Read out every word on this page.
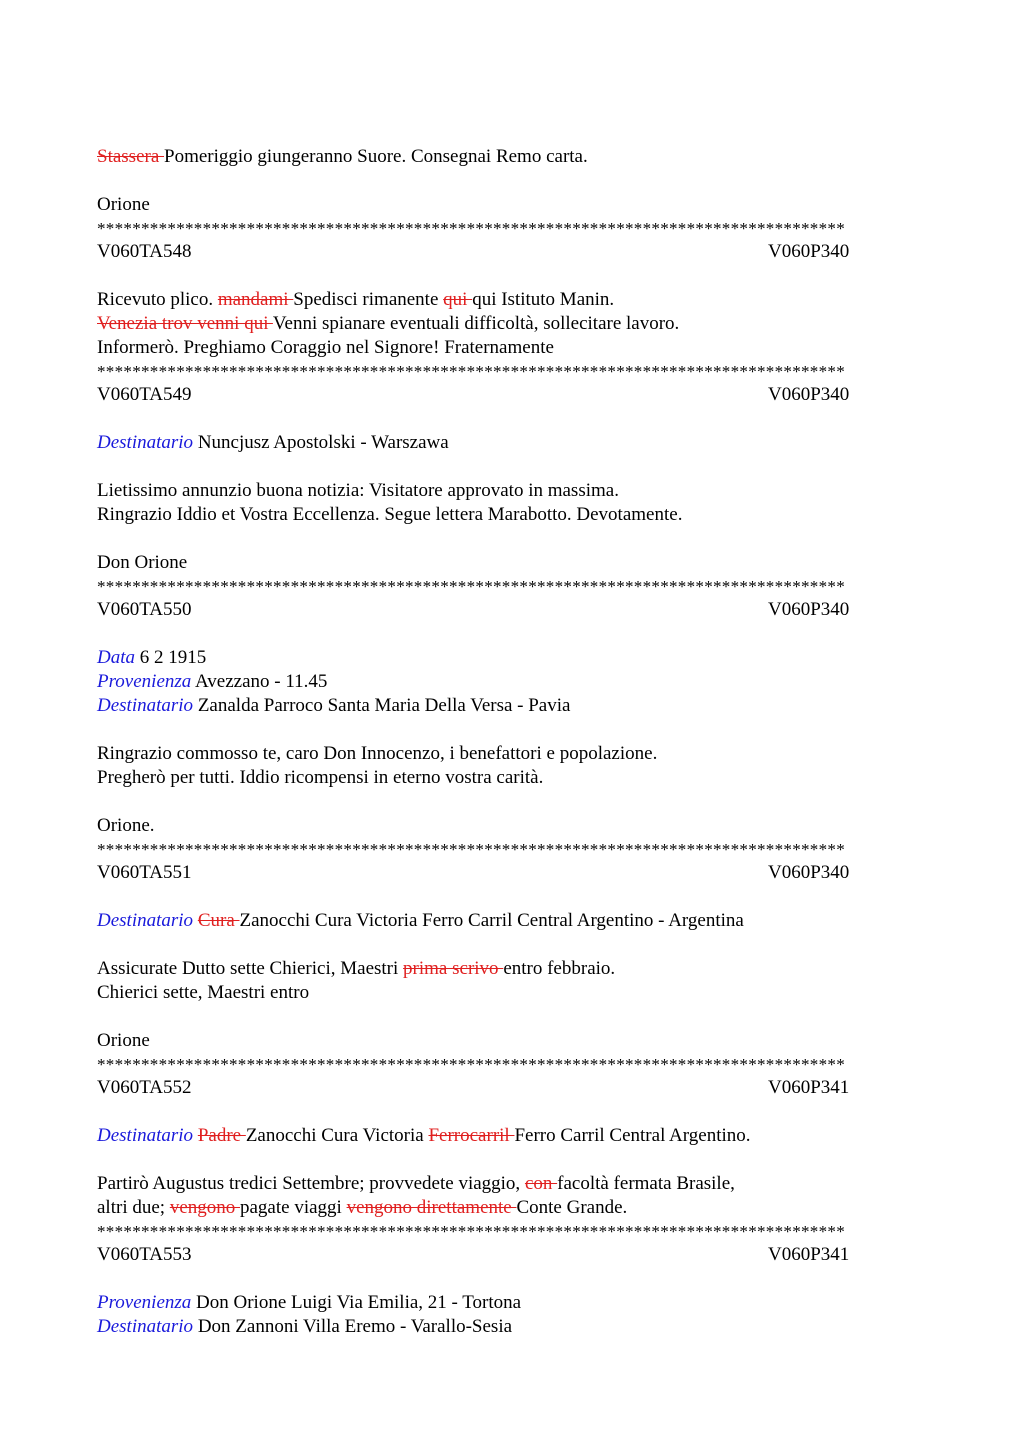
Stassera Pomeriggio giungeranno Suore. Consegnai Remo carta.
Orione
*************************************************************************************
V060TA548	V060P340
Ricevuto plico. mandami Spedisci rimanente qui qui Istituto Manin.
Venezia trov venni qui Venni spianare eventuali difficoltà, sollecitare lavoro.
Informerò. Preghiamo Coraggio nel Signore! Fraternamente
*************************************************************************************
V060TA549	V060P340
Destinatario Nuncjusz Apostolski - Warszawa
Lietissimo annunzio buona notizia: Visitatore approvato in massima.
Ringrazio Iddio et Vostra Eccellenza. Segue lettera Marabotto. Devotamente.
Don Orione
*************************************************************************************
V060TA550	V060P340
Data 6 2 1915
Provenienza Avezzano - 11.45
Destinatario Zanalda Parroco Santa Maria Della Versa - Pavia
Ringrazio commosso te, caro Don Innocenzo, i benefattori e popolazione.
Pregherò per tutti. Iddio ricompensi in eterno vostra carità.
Orione.
*************************************************************************************
V060TA551	V060P340
Destinatario Cura Zanocchi Cura Victoria Ferro Carril Central Argentino - Argentina
Assicurate Dutto sette Chierici, Maestri prima scrivo entro febbraio.
Chierici sette, Maestri entro
Orione
*************************************************************************************
V060TA552	V060P341
Destinatario Padre Zanocchi Cura Victoria Ferrocarril Ferro Carril Central Argentino.
Partirò Augustus tredici Settembre; provvedete viaggio, con facoltà fermata Brasile,
altri due; vengono pagate viaggi vengono direttamente Conte Grande.
*************************************************************************************
V060TA553	V060P341
Provenienza Don Orione Luigi Via Emilia, 21 - Tortona
Destinatario Don Zannoni Villa Eremo - Varallo-Sesia
